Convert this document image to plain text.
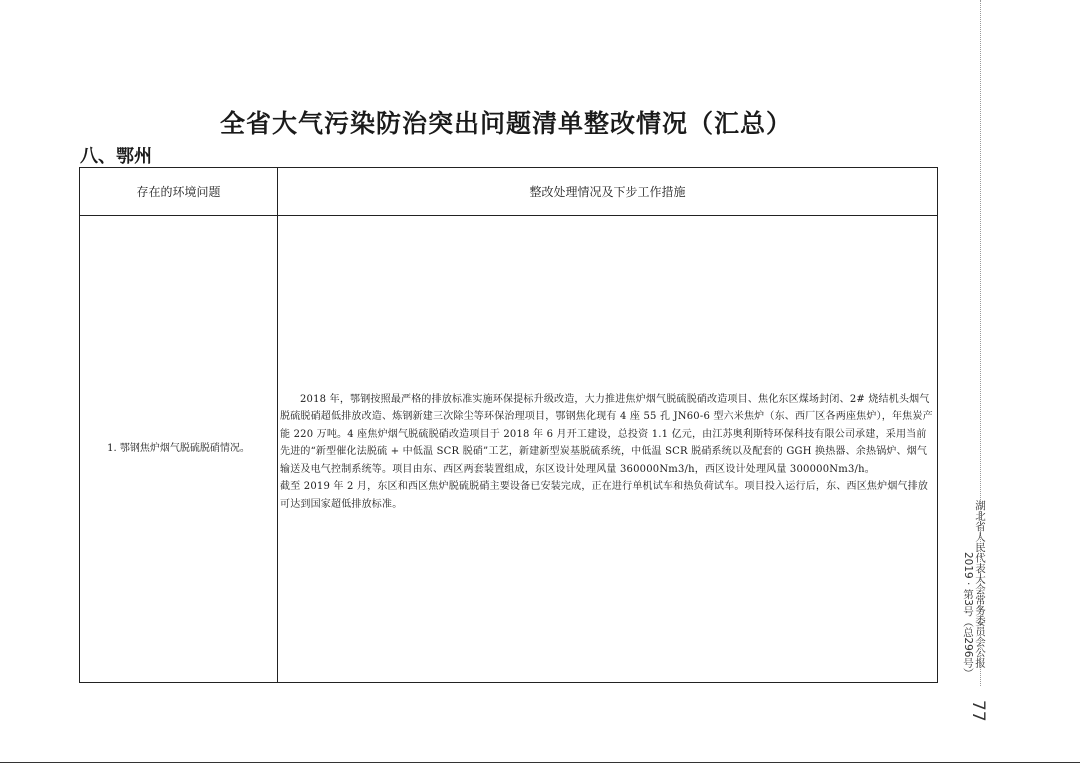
全省大气污染防治突出问题清单整改情况（汇总）
八、鄂州
存在的环境问题	整改处理情况及下步工作措施
1. 鄂钢焦炉烟气脱硫脱硝情况。	2018 年，鄂钢按照最严格的排放标准实施环保提标升级改造，大力推进焦炉烟气脱硫脱硝改造项目、焦化东区煤场封闭、2# 烧结机头烟气脱硫脱硝超低排放改造、炼钢新建三次除尘等环保治理项目，鄂钢焦化现有 4 座 55 孔 JN60-6 型六米焦炉（东、西厂区各两座焦炉），年焦炭产能 220 万吨。4 座焦炉烟气脱硫脱硝改造项目于 2018 年 6 月开工建设，总投资 1.1 亿元，由江苏奥利斯特环保科技有限公司承建，采用当前先进的“新型催化法脱硫 + 中低温 SCR 脱硝”工艺，新建新型炭基脱硫系统，中低温 SCR 脱硝系统以及配套的 GGH 换热器、余热锅炉、烟气输送及电气控制系统等。项目由东、西区两套装置组成，东区设计处理风量 360000Nm3/h，西区设计处理风量 300000Nm3/h。

截至 2019 年 2 月，东区和西区焦炉脱硫脱硝主要设备已安装完成，正在进行单机试车和热负荷试车。项目投入运行后，东、西区焦炉烟气排放可达到国家超低排放标准。	湖北省人民代表大会常务委员会公报
2019 · 第3号（总296号）
77
